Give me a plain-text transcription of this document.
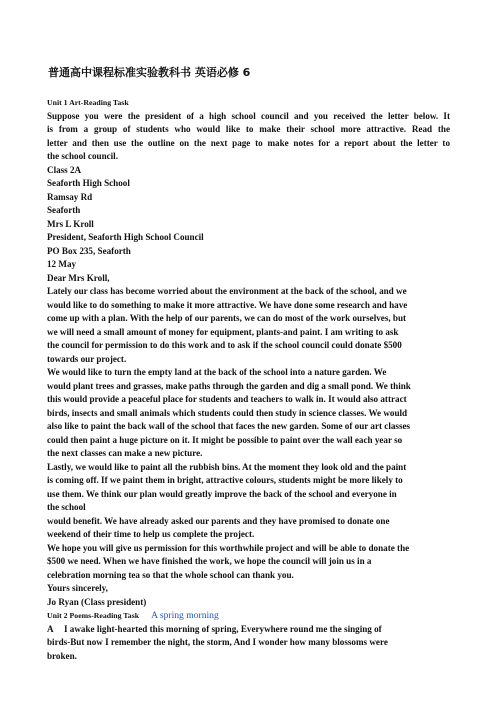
普通高中课程标准实验教科书 英语必修 6
Unit 1 Art-Reading Task
Suppose you were the president of a high school council and you received the letter below. It
is from a group of students who would like to make their school more attractive. Read the
letter and then use the outline on the next page to make notes for a report about the letter to
the school council.
Class 2A
Seaforth High School
Ramsay Rd
Seaforth
Mrs L Kroll
President, Seaforth High School Council
PO Box 235, Seaforth
12 May
Dear Mrs Kroll,
Lately our class has become worried about the environment at the back of the school, and we
would like to do something to make it more attractive. We have done some research and have
come up with a plan. With the help of our parents, we can do most of the work ourselves, but
we will need a small amount of money for equipment, plants-and paint. I am writing to ask
the council for permission to do this work and to ask if the school council could donate $500
towards our project.
We would like to turn the empty land at the back of the school into a nature garden. We
would plant trees and grasses, make paths through the garden and dig a small pond. We think
this would provide a peaceful place for students and teachers to walk in. It would also attract
birds, insects and small animals which students could then study in science classes. We would
also like to paint the back wall of the school that faces the new garden. Some of our art classes
could then paint a huge picture on it. It might be possible to paint over the wall each year so
the next classes can make a new picture.
Lastly, we would like to paint all the rubbish bins. At the moment they look old and the paint
is coming off. If we paint them in bright, attractive colours, students might be more likely to
use them. We think our plan would greatly improve the back of the school and everyone in
the school
would benefit. We have already asked our parents and they have promised to donate one
weekend of their time to help us complete the project.
We hope you will give us permission for this worthwhile project and will be able to donate the
$500 we need. When we have finished the work, we hope the council will join us in a
celebration morning tea so that the whole school can thank you.
Yours sincerely,
Jo Ryan (Class president)
Unit 2 Poems-Reading Task A spring morning
A I awake light-hearted this morning of spring, Everywhere round me the singing of
birds-But now I remember the night, the storm, And I wonder how many blossoms were
broken.
